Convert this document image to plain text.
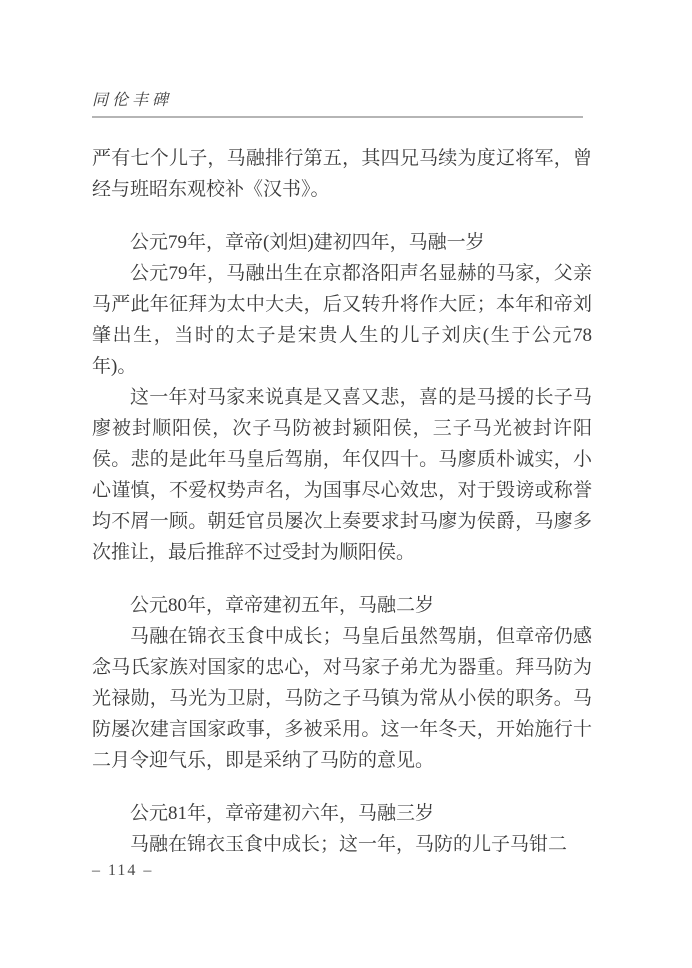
同伦丰碑

严有七个儿子，马融排行第五，其四兄马续为度辽将军，曾经与班昭东观校补《汉书》。

公元79年，章帝(刘炟)建初四年，马融一岁

公元79年，马融出生在京都洛阳声名显赫的马家，父亲马严此年征拜为太中大夫，后又转升将作大匠；本年和帝刘肇出生，当时的太子是宋贵人生的儿子刘庆(生于公元78年)。

这一年对马家来说真是又喜又悲，喜的是马援的长子马廖被封顺阳侯，次子马防被封颍阳侯，三子马光被封许阳侯。悲的是此年马皇后驾崩，年仅四十。马廖质朴诚实，小心谨慎，不爱权势声名，为国事尽心效忠，对于毁谤或称誉均不屑一顾。朝廷官员屡次上奏要求封马廖为侯爵，马廖多次推让，最后推辞不过受封为顺阳侯。

公元80年，章帝建初五年，马融二岁

马融在锦衣玉食中成长；马皇后虽然驾崩，但章帝仍感念马氏家族对国家的忠心，对马家子弟尤为器重。拜马防为光禄勋，马光为卫尉，马防之子马镇为常从小侯的职务。马防屡次建言国家政事，多被采用。这一年冬天，开始施行十二月令迎气乐，即是采纳了马防的意见。

公元81年，章帝建初六年，马融三岁

马融在锦衣玉食中成长；这一年，马防的儿子马钳二

– 114 –
